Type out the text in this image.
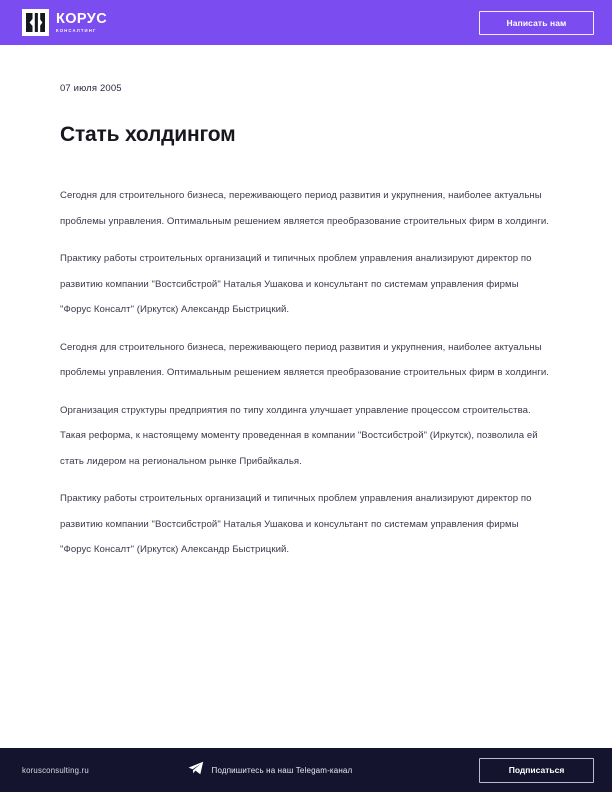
КОРУС
КОНСАЛТИНГ
Написать нам
07 июля 2005
Стать холдингом

Сегодня для строительного бизнеса, переживающего период развития и укрупнения, наиболее актуальны проблемы управления. Оптимальным решением является преобразование строительных фирм в холдинги.

Практику работы строительных организаций и типичных проблем управления анализируют директор по развитию компании "Востсибстрой" Наталья Ушакова и консультант по системам управления фирмы "Форус Консалт" (Иркутск) Александр Быстрицкий.

Сегодня для строительного бизнеса, переживающего период развития и укрупнения, наиболее актуальны проблемы управления. Оптимальным решением является преобразование строительных фирм в холдинги.

Организация структуры предприятия по типу холдинга улучшает управление процессом строительства. Такая реформа, к настоящему моменту проведенная в компании "Востсибстрой" (Иркутск), позволила ей стать лидером на региональном рынке Прибайкалья.

Практику работы строительных организаций и типичных проблем управления анализируют директор по развитию компании "Востсибстрой" Наталья Ушакова и консультант по системам управления фирмы "Форус Консалт" (Иркутск) Александр Быстрицкий.

korusconsulting.ru	Подпишитесь на наш Telegam-канал	Подписаться
